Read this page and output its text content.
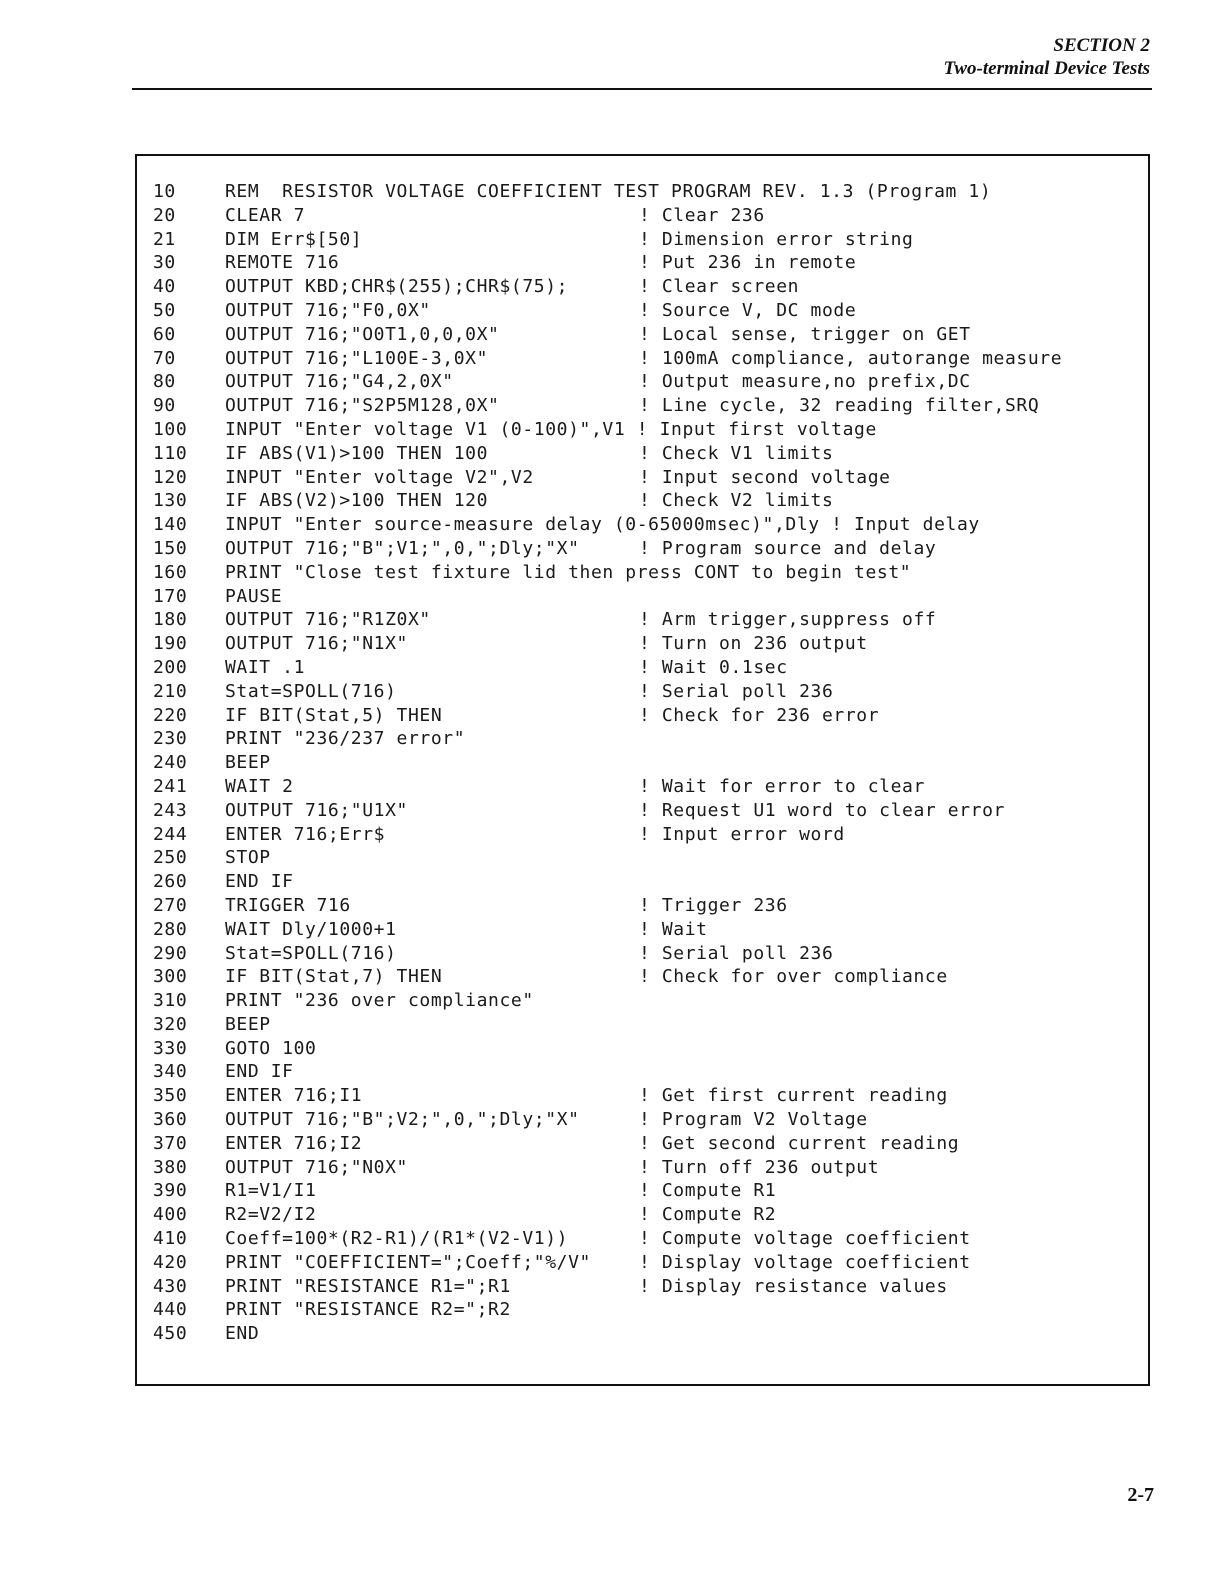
SECTION 2
Two-terminal Device Tests
10	REM  RESISTOR VOLTAGE COEFFICIENT TEST PROGRAM REV. 1.3 (Program 1)
20	CLEAR 7	! Clear 236
21	DIM Err$[50]	! Dimension error string
30	REMOTE 716	! Put 236 in remote
40	OUTPUT KBD;CHR$(255);CHR$(75);	! Clear screen
50	OUTPUT 716;"F0,0X"	! Source V, DC mode
60	OUTPUT 716;"O0T1,0,0,0X"	! Local sense, trigger on GET
70	OUTPUT 716;"L100E-3,0X"	! 100mA compliance, autorange measure
80	OUTPUT 716;"G4,2,0X"	! Output measure,no prefix,DC
90	OUTPUT 716;"S2P5M128,0X"	! Line cycle, 32 reading filter,SRQ
100 INPUT "Enter voltage V1 (0-100)",V1 ! Input first voltage
110 IF ABS(V1)>100 THEN 100	! Check V1 limits
120 INPUT "Enter voltage V2",V2	! Input second voltage
130 IF ABS(V2)>100 THEN 120	! Check V2 limits
140 INPUT "Enter source-measure delay (0-65000msec)",Dly ! Input delay
150 OUTPUT 716;"B";V1;",0,";Dly;"X"	! Program source and delay
160 PRINT "Close test fixture lid then press CONT to begin test"
170 PAUSE
180 OUTPUT 716;"R1Z0X"	! Arm trigger,suppress off
190 OUTPUT 716;"N1X"	! Turn on 236 output
200 WAIT .1	! Wait 0.1sec
210 Stat=SPOLL(716)	! Serial poll 236
220 IF BIT(Stat,5) THEN	! Check for 236 error
230 PRINT "236/237 error"
240 BEEP
241 WAIT 2	! Wait for error to clear
243 OUTPUT 716;"U1X"	! Request U1 word to clear error
244 ENTER 716;Err$	! Input error word
250 STOP
260 END IF
270 TRIGGER 716	! Trigger 236
280 WAIT Dly/1000+1	! Wait
290 Stat=SPOLL(716)	! Serial poll 236
300 IF BIT(Stat,7) THEN	! Check for over compliance
310 PRINT "236 over compliance"
320 BEEP
330 GOTO 100
340 END IF
350 ENTER 716;I1	! Get first current reading
360 OUTPUT 716;"B";V2;",0,";Dly;"X"	! Program V2 Voltage
370 ENTER 716;I2	! Get second current reading
380 OUTPUT 716;"N0X"	! Turn off 236 output
390 R1=V1/I1	! Compute R1
400 R2=V2/I2	! Compute R2
410 Coeff=100*(R2-R1)/(R1*(V2-V1))	! Compute voltage coefficient
420 PRINT "COEFFICIENT=";Coeff;"%/V"	! Display voltage coefficient
430 PRINT "RESISTANCE R1=";R1	! Display resistance values
440 PRINT "RESISTANCE R2=";R2
450 END
2-7
